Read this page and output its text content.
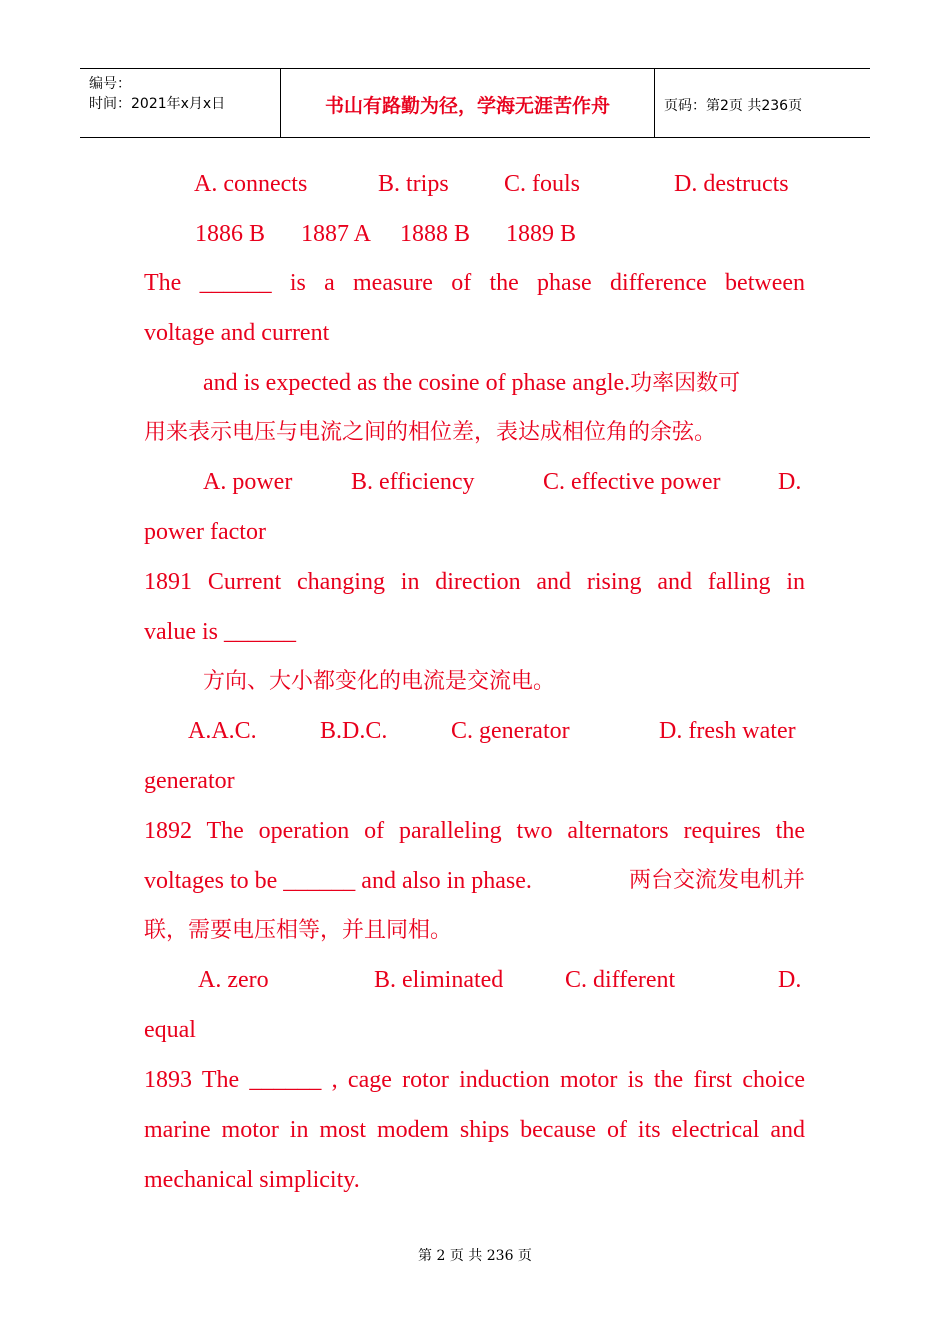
编号：
时间：2021年x月x日	书山有路勤为径，学海无涯苦作舟	页码：第2页 共236页
A. connects	B. trips C. fouls	D. destructs
1886 B 1887 A 1888 B 1889 B
The ______ is a measure of the phase difference between
voltage and current
and is expected as the cosine of phase angle.功率因数可
用来表示电压与电流之间的相位差，表达成相位角的余弦。
A. power B. efficiency	C. effective power D.
power factor
1891 Current changing in direction and rising and falling in
value is ______
方向、大小都变化的电流是交流电。
A.A.C.	B.D.C.	C. generator	D. fresh water
generator
1892 The operation of paralleling two alternators requires the
voltages to be ______ and also in phase.	两台交流发电机并
联，需要电压相等，并且同相。
A. zero	B. eliminated	C. different	D.
equal
1893 The ______ , cage rotor induction motor is the first choice
marine motor in most modem ships because of its electrical and
mechanical simplicity.
第 2 页 共 236 页
